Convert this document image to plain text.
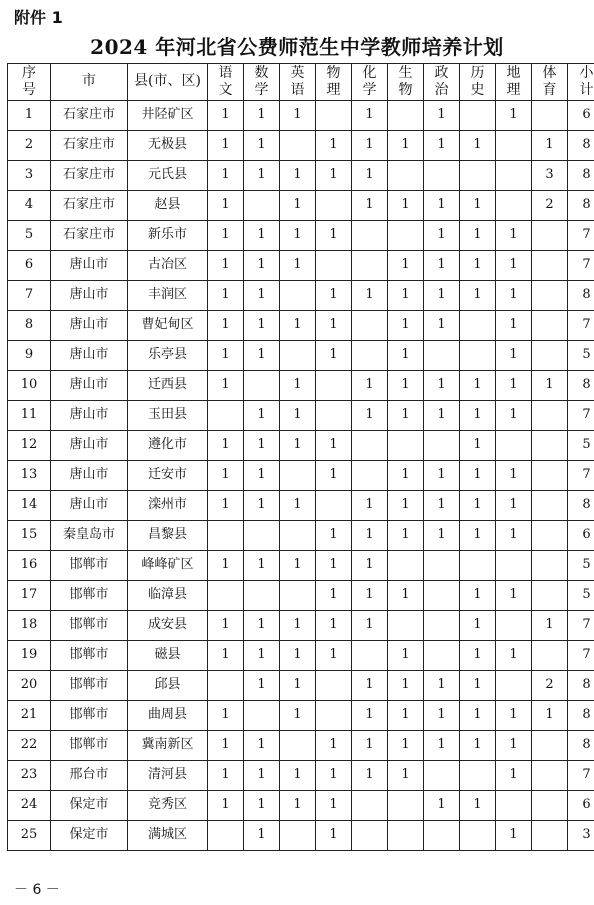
附件 1
2024 年河北省公费师范生中学教师培养计划
序号	市	县(市、区)	语文	数学	英语	物理	化学	生物	政治	历史	地理	体育	小计
1	石家庄市	井陉矿区	1	1	1		1		1		1		6
2	石家庄市	无极县	1	1		1	1	1	1	1		1	8
3	石家庄市	元氏县	1	1	1	1	1					3	8
4	石家庄市	赵县	1		1		1	1	1	1		2	8
5	石家庄市	新乐市	1	1	1	1			1	1	1		7
6	唐山市	古冶区	1	1	1			1	1	1	1		7
7	唐山市	丰润区	1	1		1	1	1	1	1	1		8
8	唐山市	曹妃甸区	1	1	1	1		1	1		1		7
9	唐山市	乐亭县	1	1		1		1			1		5
10	唐山市	迁西县	1		1		1	1	1	1	1	1	8
11	唐山市	玉田县		1	1		1	1	1	1	1		7
12	唐山市	遵化市	1	1	1	1				1			5
13	唐山市	迁安市	1	1		1		1	1	1	1		7
14	唐山市	滦州市	1	1	1		1	1	1	1	1		8
15	秦皇岛市	昌黎县				1	1	1	1	1	1		6
16	邯郸市	峰峰矿区	1	1	1	1	1						5
17	邯郸市	临漳县				1	1	1		1	1		5
18	邯郸市	成安县	1	1	1	1	1			1		1	7
19	邯郸市	磁县	1	1	1	1		1		1	1		7
20	邯郸市	邱县		1	1		1	1	1	1		2	8
21	邯郸市	曲周县	1		1		1	1	1	1	1	1	8
22	邯郸市	冀南新区	1	1		1	1	1	1	1	1		8
23	邢台市	清河县	1	1	1	1	1	1			1		7
24	保定市	竞秀区	1	1	1	1			1	1			6
25	保定市	满城区		1		1					1		3
－ 6 －
